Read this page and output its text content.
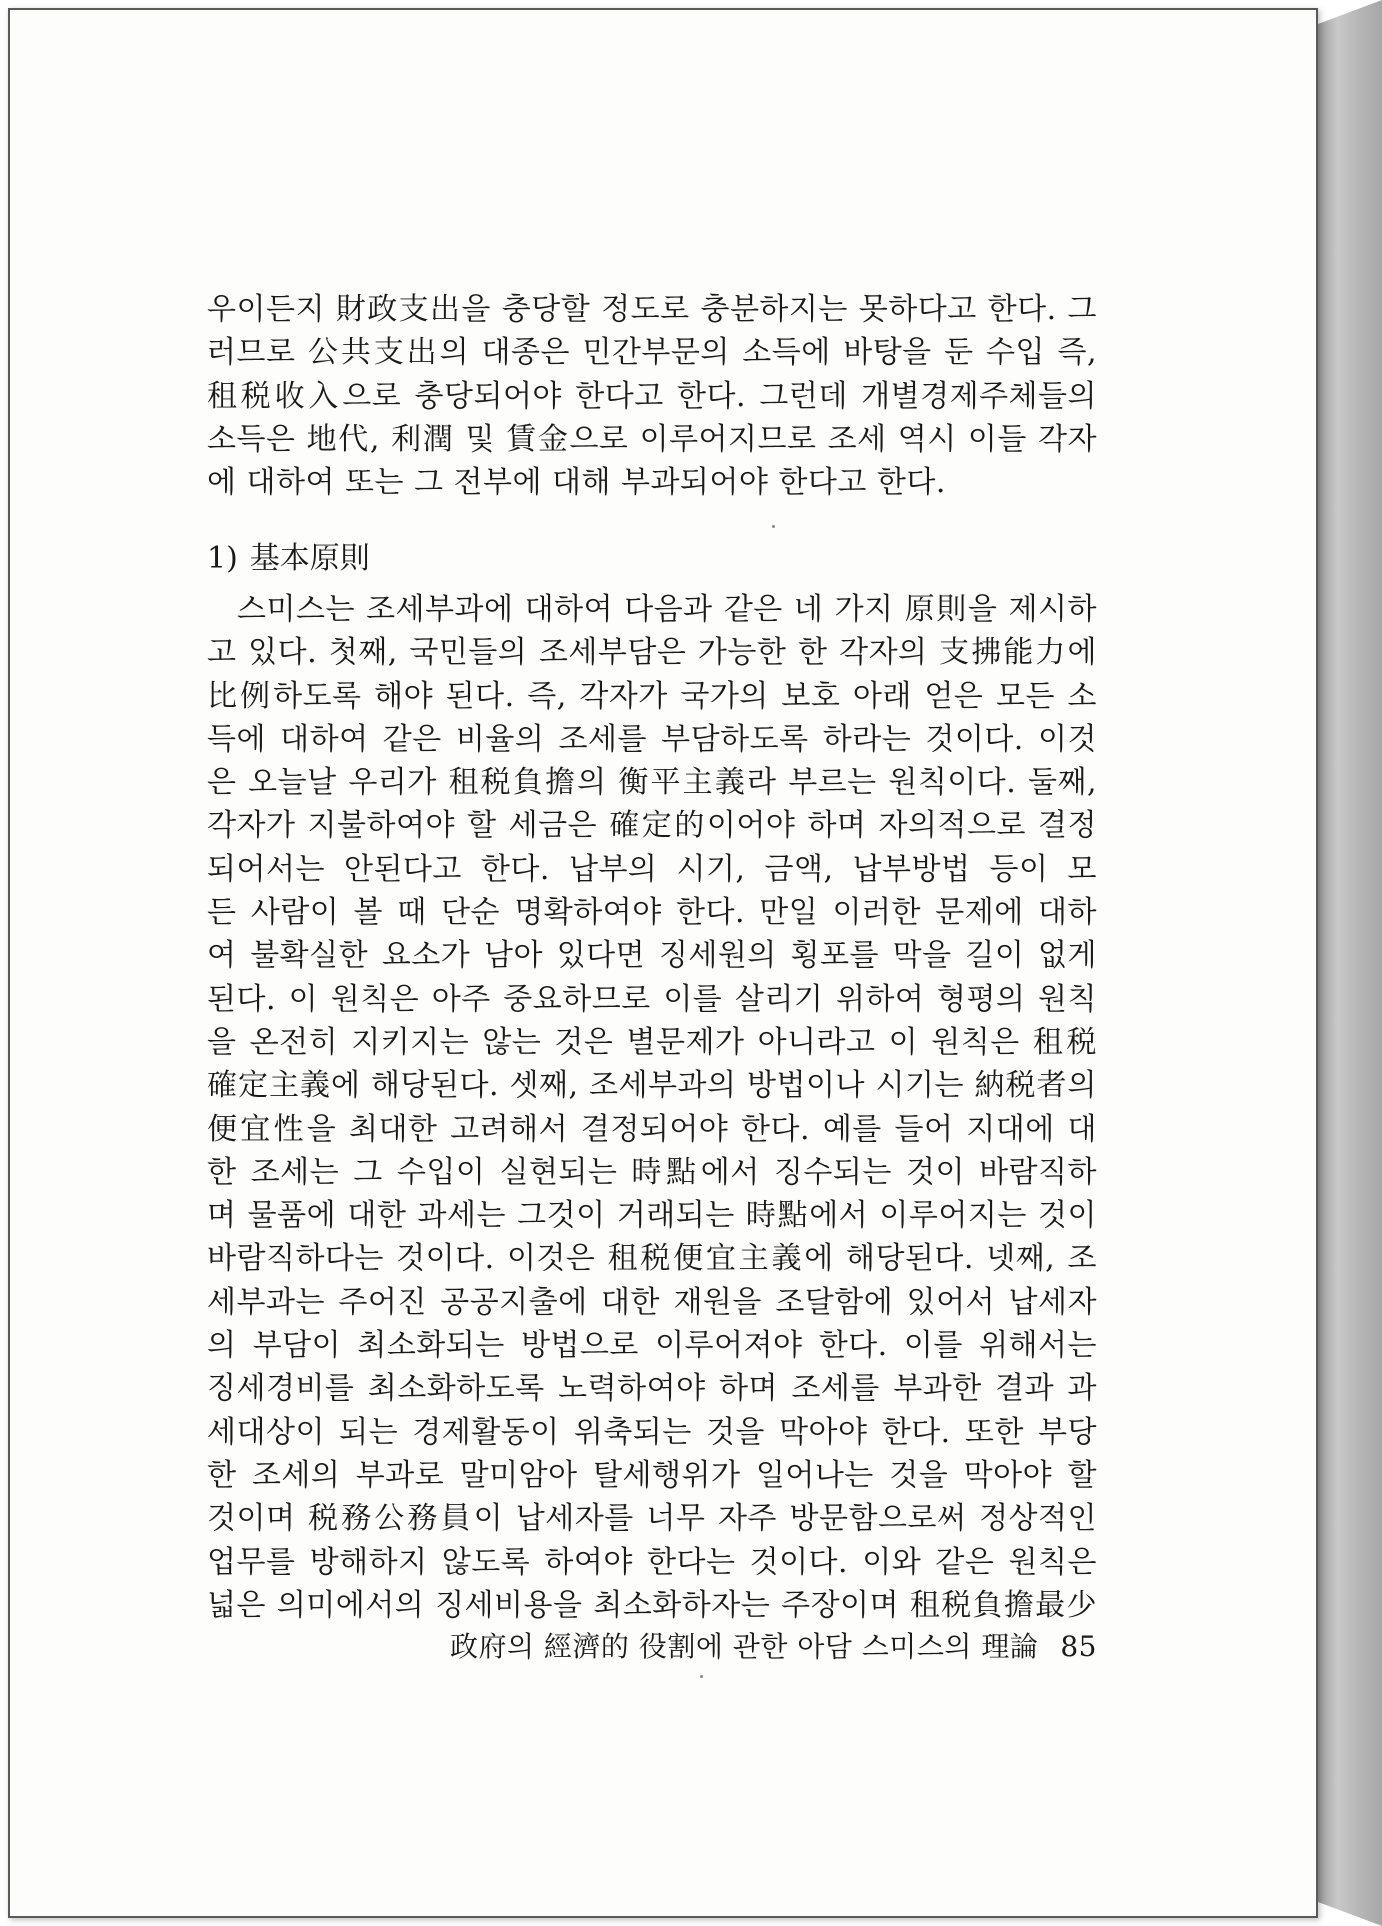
우이든지 財政支出을 충당할 정도로 충분하지는 못하다고 한다. 그
러므로 公共支出의 대종은 민간부문의 소득에 바탕을 둔 수입 즉,
租税收入으로 충당되어야 한다고 한다. 그런데 개별경제주체들의
소득은 地代, 利潤 및 賃金으로 이루어지므로 조세 역시 이들 각자
에 대하여 또는 그 전부에 대해 부과되어야 한다고 한다.
1) 基本原則
스미스는 조세부과에 대하여 다음과 같은 네 가지 原則을 제시하
고 있다. 첫째, 국민들의 조세부담은 가능한 한 각자의 支拂能力에
比例하도록 해야 된다. 즉, 각자가 국가의 보호 아래 얻은 모든 소
득에 대하여 같은 비율의 조세를 부담하도록 하라는 것이다. 이것
은 오늘날 우리가 租税負擔의 衡平主義라 부르는 원칙이다. 둘째,
각자가 지불하여야 할 세금은 確定的이어야 하며 자의적으로 결정
되어서는 안된다고 한다. 납부의 시기, 금액, 납부방법 등이 모
든 사람이 볼 때 단순 명확하여야 한다. 만일 이러한 문제에 대하
여 불확실한 요소가 남아 있다면 징세원의 횡포를 막을 길이 없게
된다. 이 원칙은 아주 중요하므로 이를 살리기 위하여 형평의 원칙
을 온전히 지키지는 않는 것은 별문제가 아니라고 이 원칙은 租税
確定主義에 해당된다. 셋째, 조세부과의 방법이나 시기는 納税者의
便宜性을 최대한 고려해서 결정되어야 한다. 예를 들어 지대에 대
한 조세는 그 수입이 실현되는 時點에서 징수되는 것이 바람직하
며 물품에 대한 과세는 그것이 거래되는 時點에서 이루어지는 것이
바람직하다는 것이다. 이것은 租税便宜主義에 해당된다. 넷째, 조
세부과는 주어진 공공지출에 대한 재원을 조달함에 있어서 납세자
의 부담이 최소화되는 방법으로 이루어져야 한다. 이를 위해서는
징세경비를 최소화하도록 노력하여야 하며 조세를 부과한 결과 과
세대상이 되는 경제활동이 위축되는 것을 막아야 한다. 또한 부당
한 조세의 부과로 말미암아 탈세행위가 일어나는 것을 막아야 할
것이며 税務公務員이 납세자를 너무 자주 방문함으로써 정상적인
업무를 방해하지 않도록 하여야 한다는 것이다. 이와 같은 원칙은
넓은 의미에서의 징세비용을 최소화하자는 주장이며 租税負擔最少
政府의 經濟的 役割에 관한 아담 스미스의 理論 85
